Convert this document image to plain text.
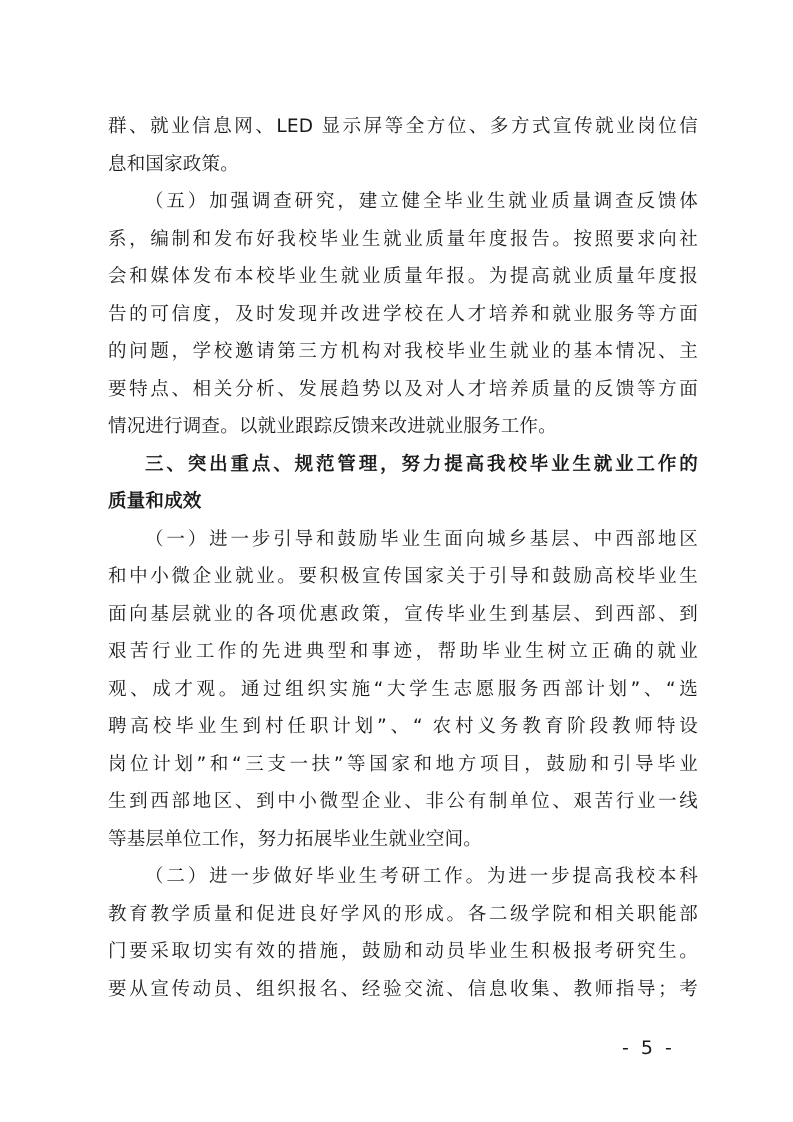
群、就业信息网、LED 显示屏等全方位、多方式宣传就业岗位信
息和国家政策。
（五）加强调查研究，建立健全毕业生就业质量调查反馈体
系，编制和发布好我校毕业生就业质量年度报告。按照要求向社
会和媒体发布本校毕业生就业质量年报。为提高就业质量年度报
告的可信度，及时发现并改进学校在人才培养和就业服务等方面
的问题，学校邀请第三方机构对我校毕业生就业的基本情况、主
要特点、相关分析、发展趋势以及对人才培养质量的反馈等方面
情况进行调查。以就业跟踪反馈来改进就业服务工作。
三、突出重点、规范管理，努力提高我校毕业生就业工作的
质量和成效
（一）进一步引导和鼓励毕业生面向城乡基层、中西部地区
和中小微企业就业。要积极宣传国家关于引导和鼓励高校毕业生
面向基层就业的各项优惠政策，宣传毕业生到基层、到西部、到
艰苦行业工作的先进典型和事迹，帮助毕业生树立正确的就业
观、成才观。通过组织实施“大学生志愿服务西部计划”、“选
聘高校毕业生到村任职计划”、“ 农村义务教育阶段教师特设
岗位计划”和“三支一扶”等国家和地方项目，鼓励和引导毕业
生到西部地区、到中小微型企业、非公有制单位、艰苦行业一线
等基层单位工作，努力拓展毕业生就业空间。
（二）进一步做好毕业生考研工作。为进一步提高我校本科
教育教学质量和促进良好学风的形成。各二级学院和相关职能部
门要采取切实有效的措施，鼓励和动员毕业生积极报考研究生。
要从宣传动员、组织报名、经验交流、信息收集、教师指导；考
- 5 -
